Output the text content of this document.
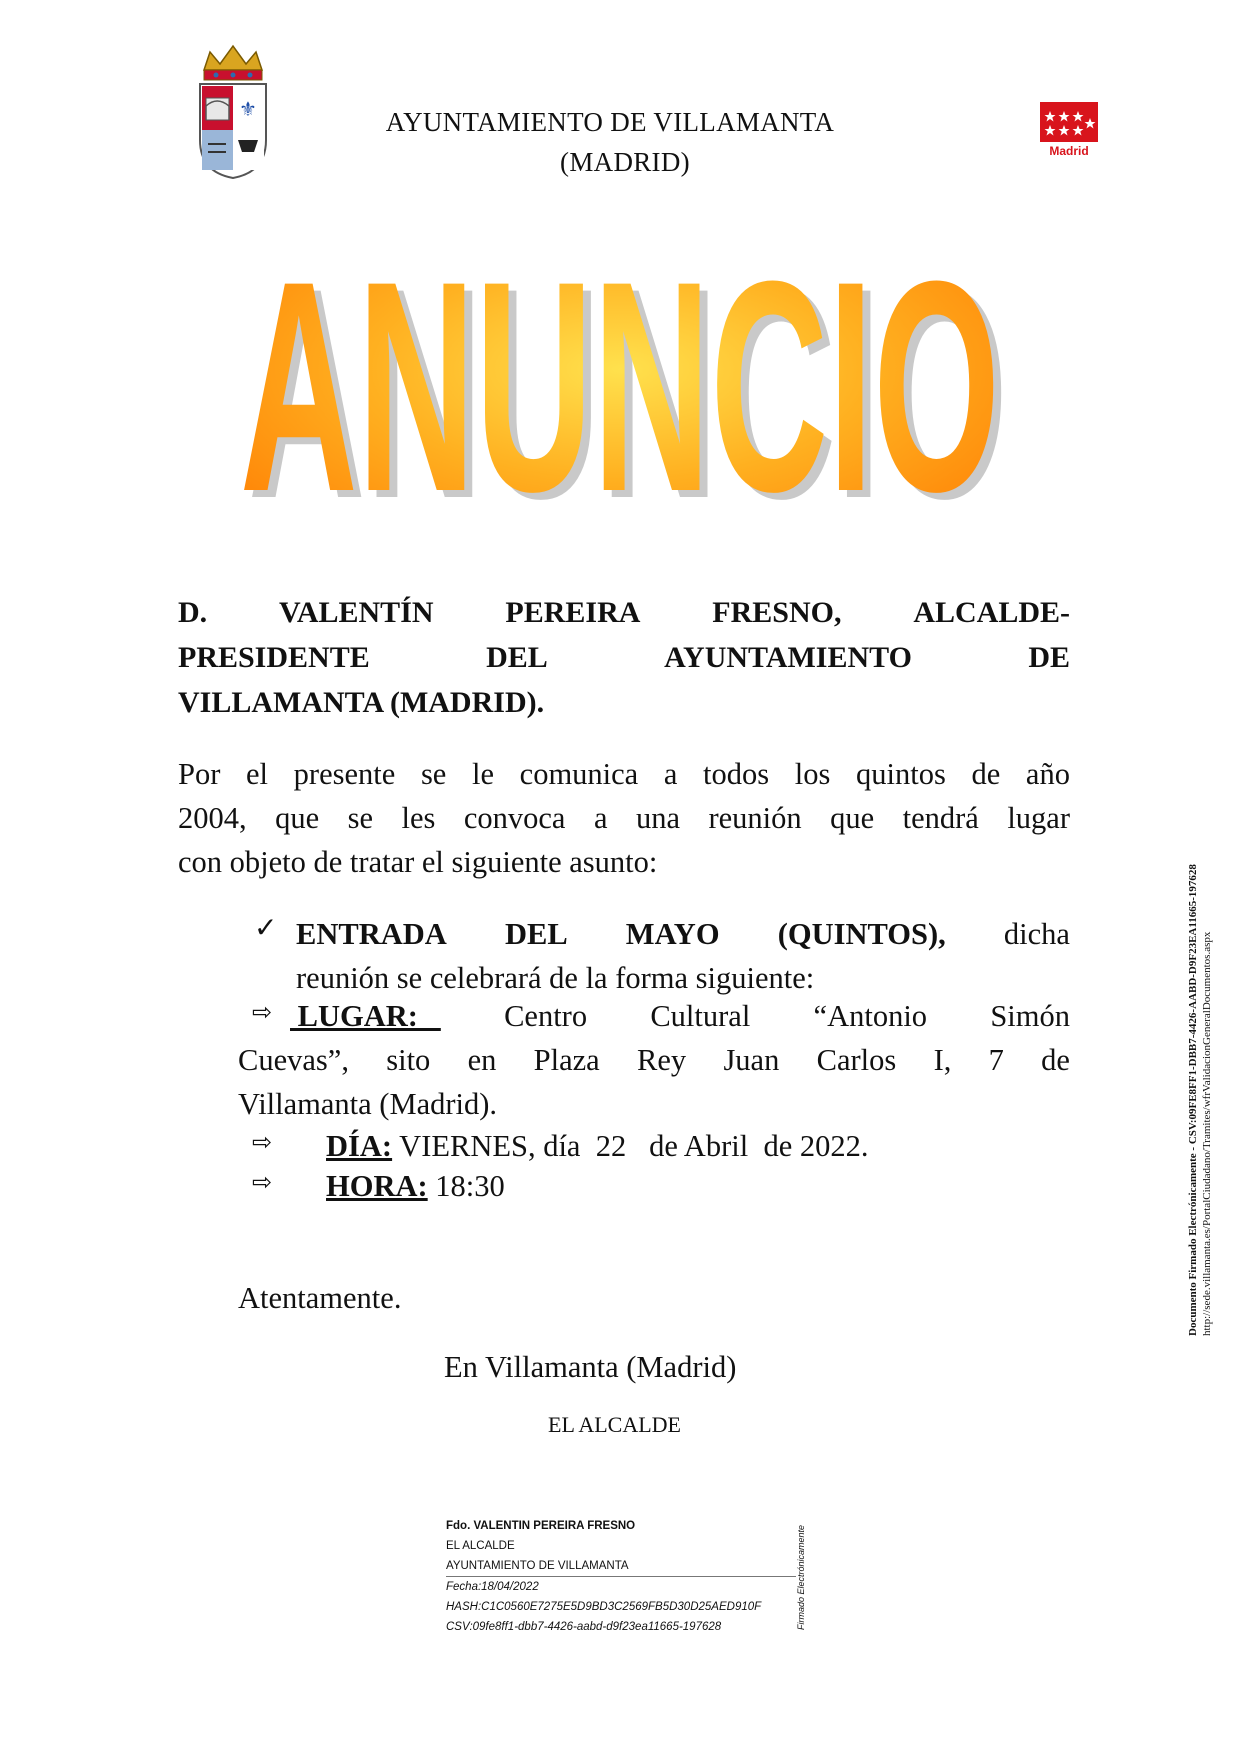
⚜	AYUNTAMIENTO DE VILLAMANTA
(MADRID)	Madrid
ANUNCIO
ANUNCIO
D. VALENTÍN PEREIRA FRESNO, ALCALDE-
PRESIDENTE	DEL	AYUNTAMIENTO	DE
VILLAMANTA (MADRID).
Por el presente se le comunica a todos los quintos de año
2004, que se les convoca a una reunión que tendrá lugar
con objeto de tratar el siguiente asunto:
✓ ENTRADA DEL MAYO (QUINTOS), dicha
reunión se celebrará de la forma siguiente:
⇨ LUGAR: Centro Cultural “Antonio Simón
Cuevas”, sito en Plaza Rey Juan Carlos I, 7 de
Villamanta (Madrid).
⇨ DÍA: VIERNES, día  22   de Abril  de 2022.
⇨ HORA: 18:30
Atentamente.
En Villamanta (Madrid)
EL ALCALDE
Fdo. VALENTIN PEREIRA FRESNO
EL ALCALDE
AYUNTAMIENTO DE VILLAMANTA
Fecha:18/04/2022
HASH:C1C0560E7275E5D9BD3C2569FB5D30D25AED910F
CSV:09fe8ff1-dbb7-4426-aabd-d9f23ea11665-197628	Firmado Electrónicamente
Documento Firmado Electrónicamente - CSV:09FE8FF1-DBB7-4426-AABD-D9F23EA11665-197628 http://sede.villamanta.es/PortalCiudadano/Tramites/wfrValidacionGeneralDocumentos.aspx
